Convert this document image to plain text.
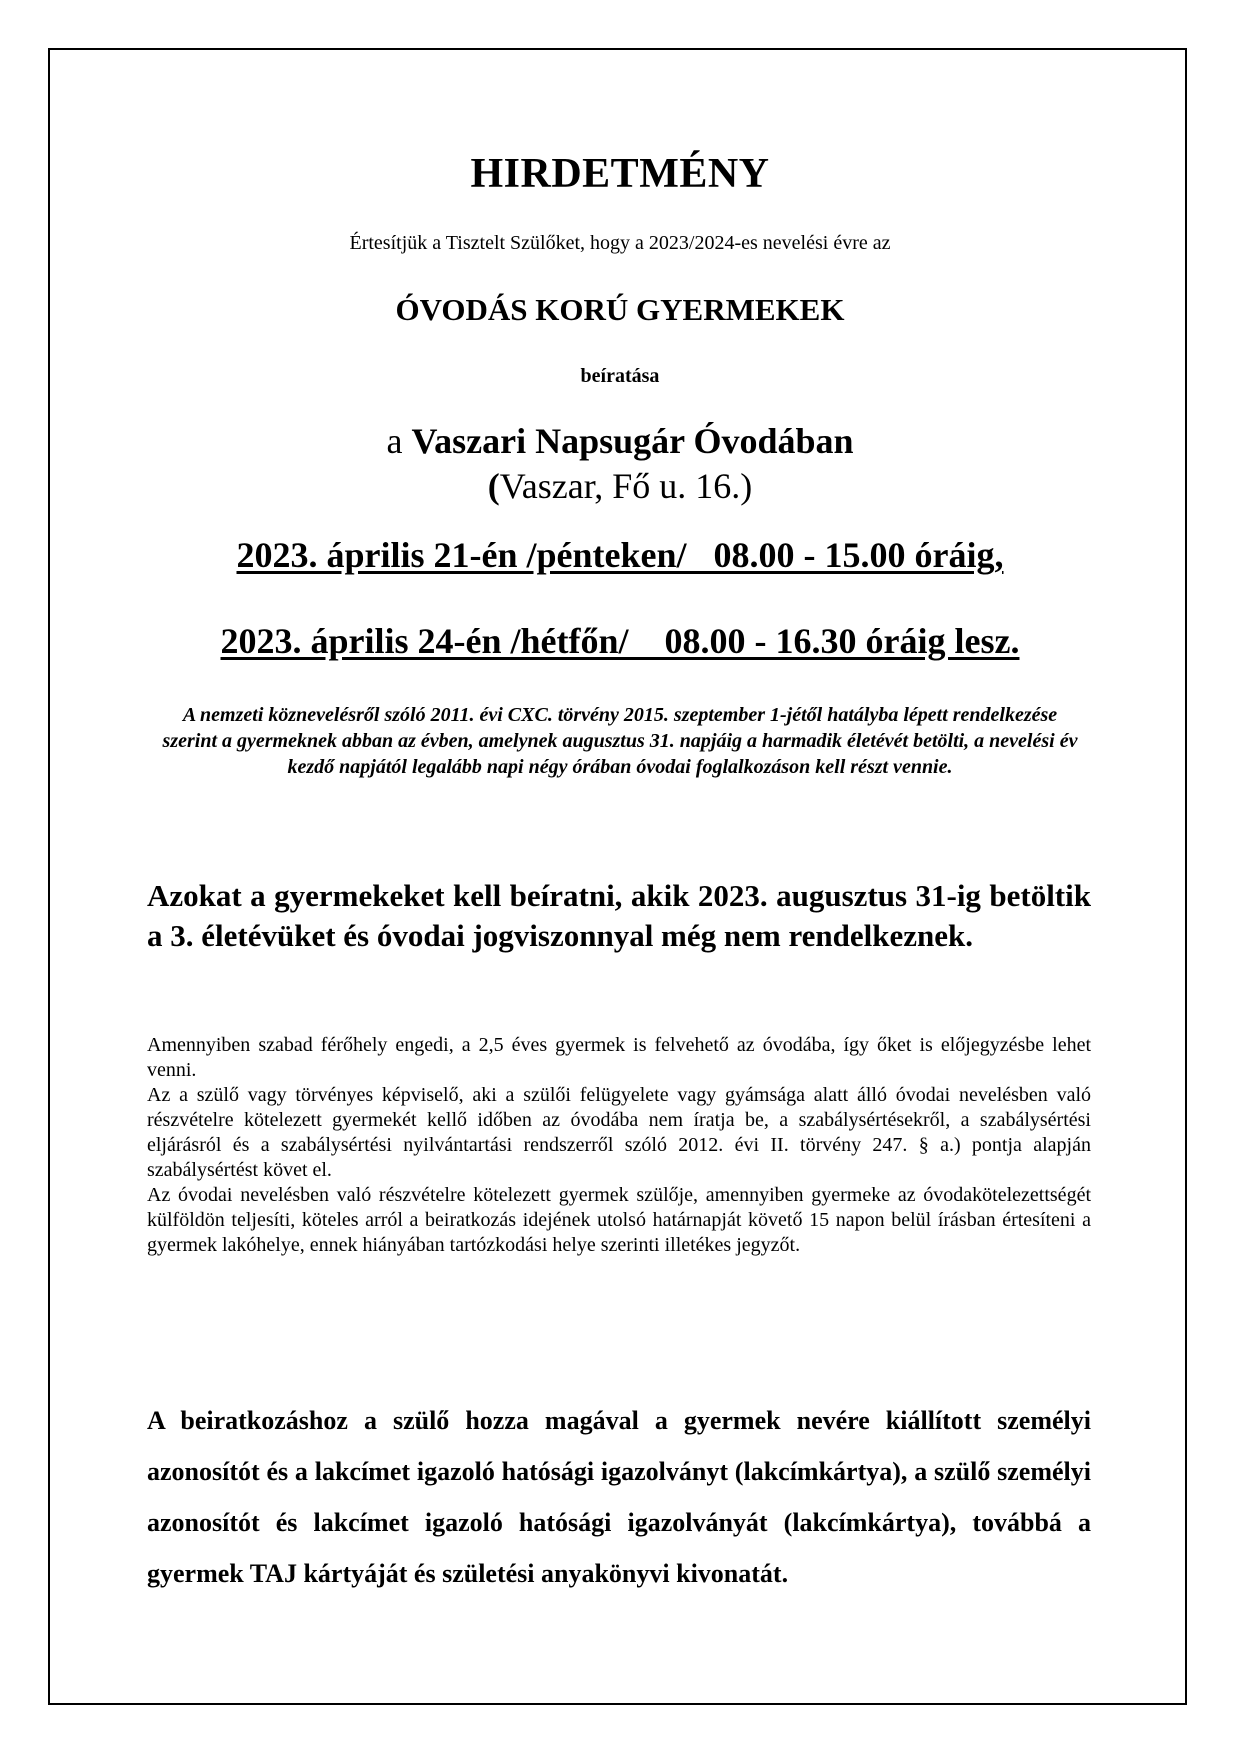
HIRDETMÉNY

Értesítjük a Tisztelt Szülőket, hogy a 2023/2024-es nevelési évre az

ÓVODÁS KORÚ GYERMEKEK

beíratása

a Vaszari Napsugár Óvodában

(Vaszar, Fő u. 16.)

2023. április 21-én /pénteken/   08.00 - 15.00 óráig,

2023. április 24-én /hétfőn/    08.00 - 16.30 óráig lesz.

A nemzeti köznevelésről szóló 2011. évi CXC. törvény 2015. szeptember 1-jétől hatályba lépett rendelkezése szerint a gyermeknek abban az évben, amelynek augusztus 31. napjáig a harmadik életévét betölti, a nevelési év kezdő napjától legalább napi négy órában óvodai foglalkozáson kell részt vennie.

Azokat a gyermekeket kell beíratni, akik 2023. augusztus 31-ig betöltik a 3. életévüket és óvodai jogviszonnyal még nem rendelkeznek.

Amennyiben szabad férőhely engedi, a 2,5 éves gyermek is felvehető az óvodába, így őket is előjegyzésbe lehet venni.

Az a szülő vagy törvényes képviselő, aki a szülői felügyelete vagy gyámsága alatt álló óvodai nevelésben való részvételre kötelezett gyermekét kellő időben az óvodába nem íratja be, a szabálysértésekről, a szabálysértési eljárásról és a szabálysértési nyilvántartási rendszerről szóló 2012. évi II. törvény 247. § a.) pontja alapján szabálysértést követ el.

Az óvodai nevelésben való részvételre kötelezett gyermek szülője, amennyiben gyermeke az óvodakötelezettségét külföldön teljesíti, köteles arról a beiratkozás idejének utolsó határnapját követő 15 napon belül írásban értesíteni a gyermek lakóhelye, ennek hiányában tartózkodási helye szerinti illetékes jegyzőt.

A beiratkozáshoz a szülő hozza magával a gyermek nevére kiállított személyi azonosítót és a lakcímet igazoló hatósági igazolványt (lakcímkártya), a szülő személyi azonosítót és lakcímet igazoló hatósági igazolványát (lakcímkártya), továbbá a gyermek TAJ kártyáját és születési anyakönyvi kivonatát.
